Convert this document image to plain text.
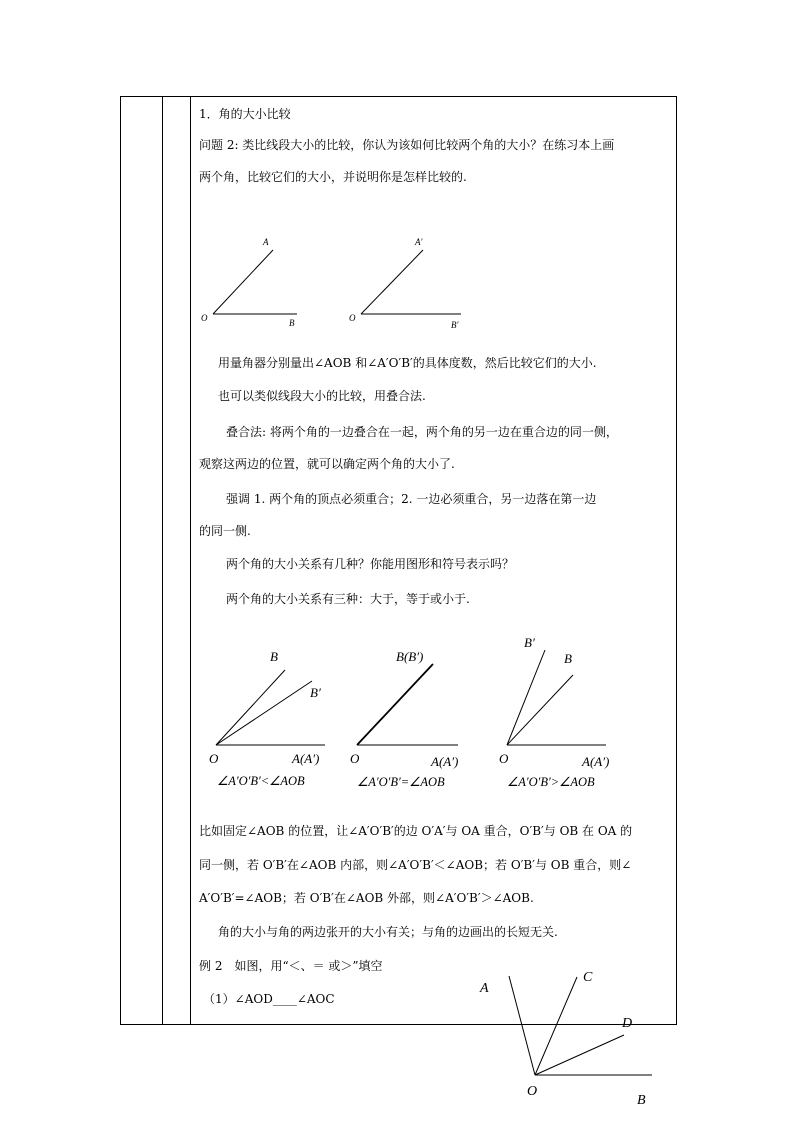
1．角的大小比较
问题 2: 类比线段大小的比较，你认为该如何比较两个角的大小？在练习本上画
两个角，比较它们的大小，并说明你是怎样比较的.
O
A
B	O
A′
B′
用量角器分别量出∠AOB 和∠A′O′B′的具体度数，然后比较它们的大小.
也可以类似线段大小的比较，用叠合法.
叠合法: 将两个角的一边叠合在一起，两个角的另一边在重合边的同一侧，
观察这两边的位置，就可以确定两个角的大小了.
强调 1. 两个角的顶点必须重合；2. 一边必须重合，另一边落在第一边
的同一侧.
两个角的大小关系有几种？你能用图形和符号表示吗？
两个角的大小关系有三种：大于，等于或小于.
O
B
B′
A(A′)
∠A′O′B′<∠AOB
O
B(B′)
A(A′)
∠A′O′B′=∠AOB
O
B′
B
A(A′)
∠A′O′B′>∠AOB
比如固定∠AOB 的位置，让∠A′O′B′的边 O′A′与 OA 重合，O′B′与 OB 在 OA 的
同一侧，若 O′B′在∠AOB 内部，则∠A′O′B′＜∠AOB；若 O′B′与 OB 重合，则∠
A′O′B′=∠AOB；若 O′B′在∠AOB 外部，则∠A′O′B′＞∠AOB.
角的大小与角的两边张开的大小有关；与角的边画出的长短无关.
例 2　如图，用“＜、＝ 或＞”填空
（1）∠AOD____∠AOC
A
C
D
O
B
